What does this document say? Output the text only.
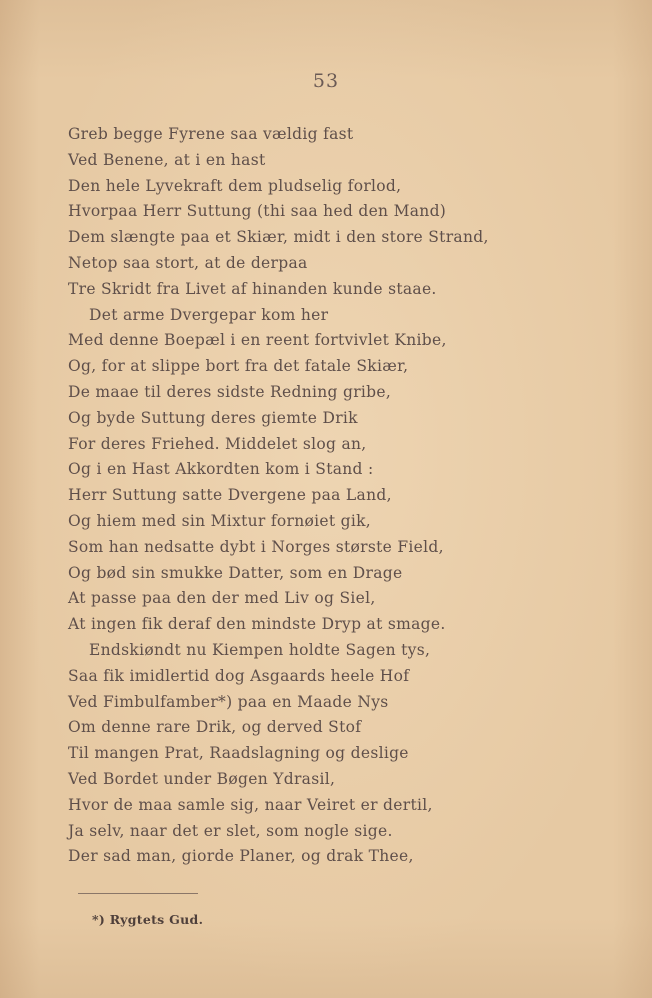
53
Greb begge Fyrene saa vældig fast
Ved Benene, at i en hast
Den hele Lyvekraft dem pludselig forlod,
Hvorpaa Herr Suttung (thi saa hed den Mand)
Dem slængte paa et Skiær, midt i den store Strand,
Netop saa stort, at de derpaa
Tre Skridt fra Livet af hinanden kunde staae.
Det arme Dvergepar kom her
Med denne Boepæl i en reent fortvivlet Knibe,
Og, for at slippe bort fra det fatale Skiær,
De maae til deres sidste Redning gribe,
Og byde Suttung deres giemte Drik
For deres Friehed. Middelet slog an,
Og i en Hast Akkordten kom i Stand :
Herr Suttung satte Dvergene paa Land,
Og hiem med sin Mixtur fornøiet gik,
Som han nedsatte dybt i Norges største Field,
Og bød sin smukke Datter, som en Drage
At passe paa den der med Liv og Siel,
At ingen fik deraf den mindste Dryp at smage.
Endskiøndt nu Kiempen holdte Sagen tys,
Saa fik imidlertid dog Asgaards heele Hof
Ved Fimbulfamber*) paa en Maade Nys
Om denne rare Drik, og derved Stof
Til mangen Prat, Raadslagning og deslige
Ved Bordet under Bøgen Ydrasil,
Hvor de maa samle sig, naar Veiret er dertil,
Ja selv, naar det er slet, som nogle sige.
Der sad man, giorde Planer, og drak Thee,
*) Rygtets Gud.
